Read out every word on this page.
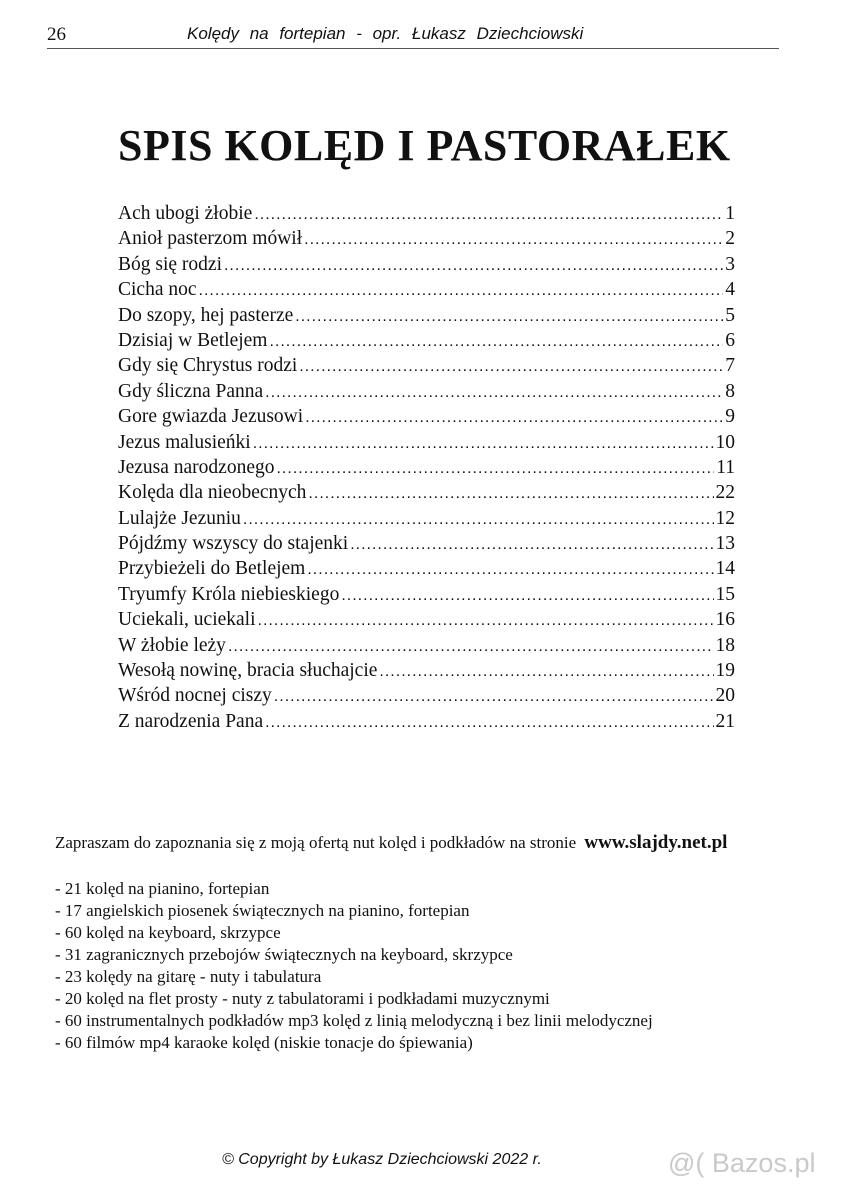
26	Kolędy na fortepian - opr. Łukasz Dziechciowski
SPIS KOLĘD I PASTORAŁEK
Ach ubogi żłobie .....	1
Anioł pasterzom mówił .....	2
Bóg się rodzi .....	3
Cicha noc .....	4
Do szopy, hej pasterze .....	5
Dzisiaj w Betlejem .....	6
Gdy się Chrystus rodzi .....	7
Gdy śliczna Panna .....	8
Gore gwiazda Jezusowi .....	9
Jezus malusieńki .....	10
Jezusa narodzonego .....	11
Kolęda dla nieobecnych .....	22
Lulajże Jezuniu .....	12
Pójdźmy wszyscy do stajenki .....	13
Przybieżeli do Betlejem .....	14
Tryumfy Króla niebieskiego .....	15
Uciekali, uciekali .....	16
W żłobie leży .....	18
Wesołą nowinę, bracia słuchajcie .....	19
Wśród nocnej ciszy .....	20
Z narodzenia Pana .....	21

Zapraszam do zapoznania się z moją ofertą nut kolęd i podkładów na stronie www.slajdy.net.pl

- 21 kolęd na pianino, fortepian
- 17 angielskich piosenek świątecznych na pianino, fortepian
- 60 kolęd na keyboard, skrzypce
- 31 zagranicznych przebojów świątecznych na keyboard, skrzypce
- 23 kolędy na gitarę - nuty i tabulatura
- 20 kolęd na flet prosty - nuty z tabulatorami i podkładami muzycznymi
- 60 instrumentalnych podkładów mp3 kolęd z linią melodyczną i bez linii melodycznej
- 60 filmów mp4 karaoke kolęd (niskie tonacje do śpiewania)
© Copyright by Łukasz Dziechciowski 2022 r.	@( Bazos.pl
